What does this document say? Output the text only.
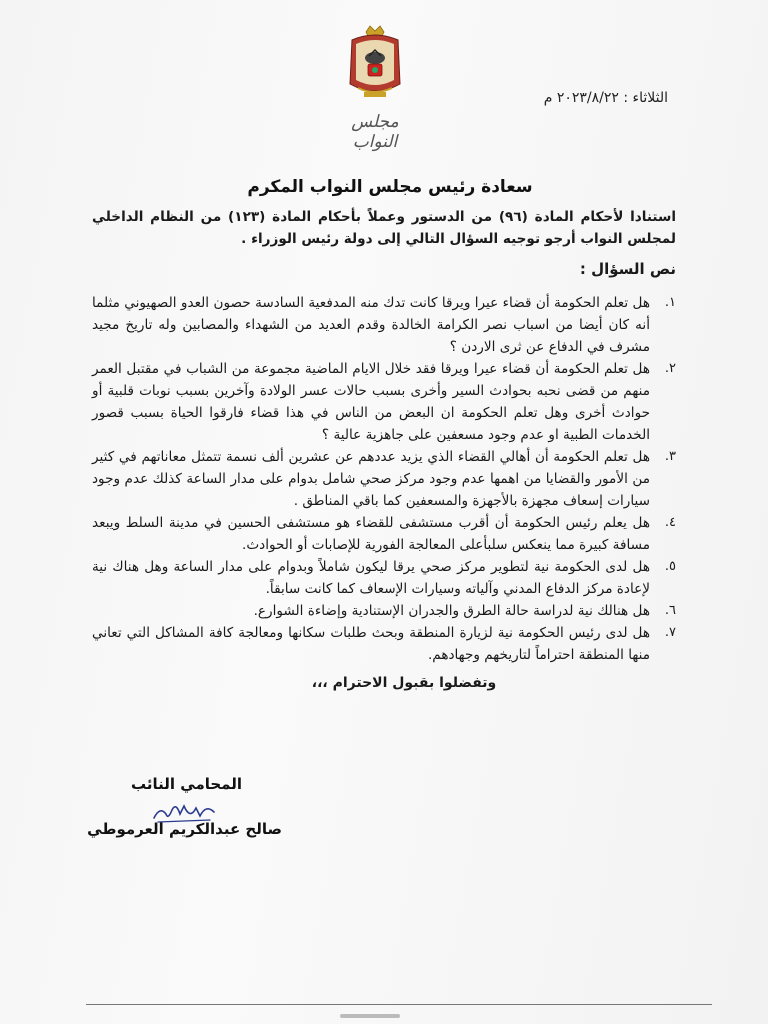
مجلس النواب
الثلاثاء : ٢٠٢٣/٨/٢٢ م
سعادة رئيس مجلس النواب المكرم
استنادا لأحكام المادة (٩٦) من الدستور وعملاً بأحكام المادة (١٢٣) من النظام الداخلي لمجلس النواب أرجو توجيه السؤال التالي إلى دولة رئيس الوزراء .
نص السؤال :
١.
هل تعلم الحكومة أن قضاء عيرا ويرقا كانت تدك منه المدفعية السادسة حصون العدو الصهيوني مثلما أنه كان أيضا من اسباب نصر الكرامة الخالدة وقدم العديد من الشهداء والمصابين وله تاريخ مجيد مشرف في الدفاع عن ثرى الاردن ؟
٢.
هل تعلم الحكومة أن قضاء عيرا ويرقا فقد خلال الايام الماضية مجموعة من الشباب في مقتبل العمر منهم من قضى نحبه بحوادث السير وأخرى بسبب حالات عسر الولادة وآخرين بسبب نوبات قلبية أو حوادث أخرى وهل تعلم الحكومة ان البعض من الناس في هذا قضاء فارقوا الحياة بسبب قصور الخدمات الطبية او عدم وجود مسعفين على جاهزية عالية ؟
٣.
هل تعلم الحكومة أن أهالي القضاء الذي يزيد عددهم عن عشرين ألف نسمة تتمثل معاناتهم في كثير من الأمور والقضايا من اهمها عدم وجود مركز صحي شامل بدوام على مدار الساعة كذلك عدم وجود سيارات إسعاف مجهزة بالأجهزة والمسعفين كما باقي المناطق .
٤.
هل يعلم رئيس الحكومة أن أقرب مستشفى للقضاء هو مستشفى الحسين في مدينة السلط ويبعد مسافة كبيرة مما ينعكس سلبأعلى المعالجة الفورية للإصابات أو الحوادث.
٥.
هل لدى الحكومة نية لتطوير مركز صحي يرقا ليكون شاملاً وبدوام على مدار الساعة وهل هناك نية لإعادة مركز الدفاع المدني وآلياته وسيارات الإسعاف كما كانت سابقاً.
٦.
هل هنالك نية لدراسة حالة الطرق والجدران الإستنادية وإضاءة الشوارع.
٧.
هل لدى رئيس الحكومة نية لزيارة المنطقة وبحث طلبات سكانها ومعالجة كافة المشاكل التي تعاني منها المنطقة احتراماً لتاريخهم وجهادهم.
وتفضلوا بقبول الاحترام ،،،
المحامي النائب
صالح عبدالكريم العرموطي
